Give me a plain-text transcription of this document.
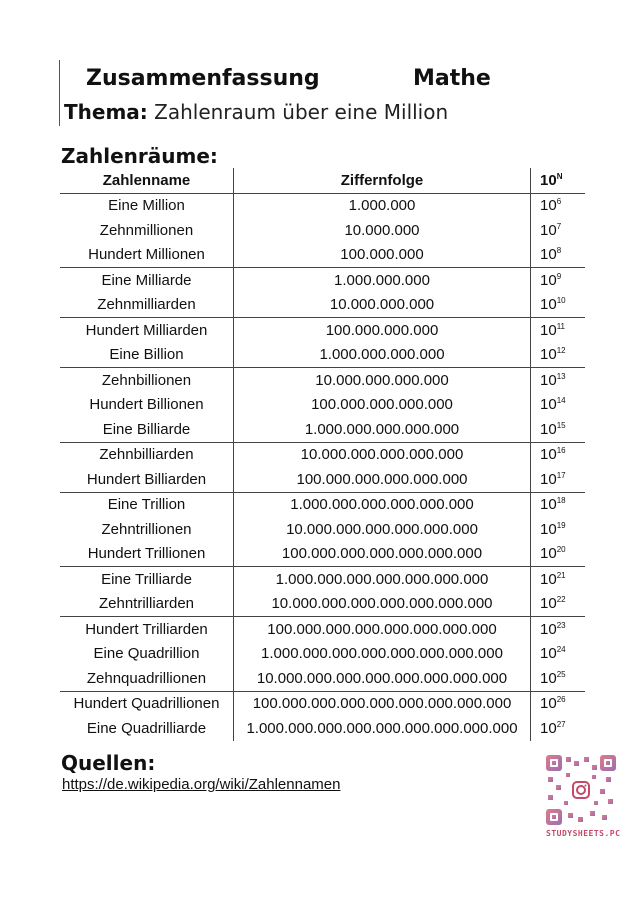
Zusammenfassung	Mathe
Thema: Zahlenraum über eine Million
Zahlenräume:
Zahlenname	Ziffernfolge	$10^N$
Eine Million	1.000.000	$10^6$
Zehnmillionen	10.000.000	$10^7$
Hundert Millionen	100.000.000	$10^8$
Eine Milliarde	1.000.000.000	$10^9$
Zehnmilliarden	10.000.000.000	$10^{10}$
Hundert Milliarden	100.000.000.000	$10^{11}$
Eine Billion	1.000.000.000.000	$10^{12}$
Zehnbillionen	10.000.000.000.000	$10^{13}$
Hundert Billionen	100.000.000.000.000	$10^{14}$
Eine Billiarde	1.000.000.000.000.000	$10^{15}$
Zehnbilliarden	10.000.000.000.000.000	$10^{16}$
Hundert Billiarden	100.000.000.000.000.000	$10^{17}$
Eine Trillion	1.000.000.000.000.000.000	$10^{18}$
Zehntrillionen	10.000.000.000.000.000.000	$10^{19}$
Hundert Trillionen	100.000.000.000.000.000.000	$10^{20}$
Eine Trilliarde	1.000.000.000.000.000.000.000	$10^{21}$
Zehntrilliarden	10.000.000.000.000.000.000.000	$10^{22}$
Hundert Trilliarden	100.000.000.000.000.000.000.000	$10^{23}$
Eine Quadrillion	1.000.000.000.000.000.000.000.000	$10^{24}$
Zehnquadrillionen	10.000.000.000.000.000.000.000.000	$10^{25}$
Hundert Quadrillionen	100.000.000.000.000.000.000.000.000	$10^{26}$
Eine Quadrilliarde	1.000.000.000.000.000.000.000.000.000	$10^{27}$
Quellen:
https://de.wikipedia.org/wiki/Zahlennamen
STUDYSHEETS.PC
